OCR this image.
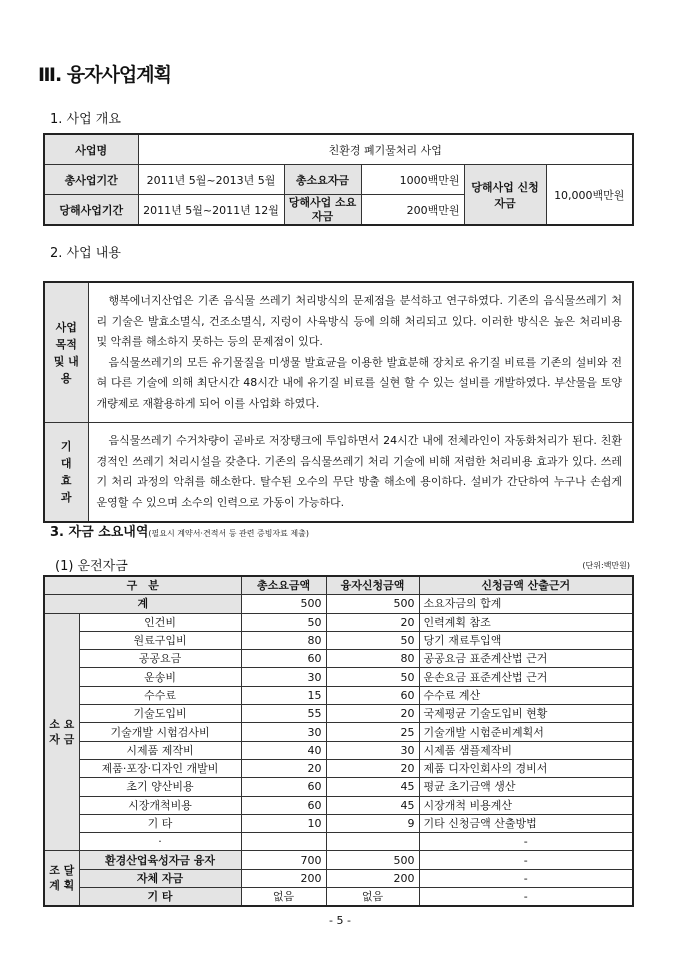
Ⅲ. 융자사업계획
1. 사업 개요
사업명	친환경 폐기물처리 사업				
총사업기간	2011년 5월~2013년 5월	총소요자금	1000백만원	당해사업 신청자금	10,000백만원
당해사업기간	2011년 5월~2011년 12월	당해사업 소요자금	200백만원		
2. 사업 내용
사업 목적 및 내용	행복에너지산업은 기존 음식물 쓰레기 처리방식의 문제점을 분석하고 연구하였다. 기존의 음식물쓰레기 처리 기술은 발효소멸식, 건조소멸식, 지렁이 사육방식 등에 의해 처리되고 있다. 이러한 방식은 높은 처리비용 및 악취를 해소하지 못하는 등의 문제점이 있다.

음식물쓰레기의 모든 유기물질을 미생물 발효균을 이용한 발효분해 장치로 유기질 비료를 기존의 설비와 전혀 다른 기술에 의해 최단시간 48시간 내에 유기질 비료를 실현 할 수 있는 설비를 개발하였다. 부산물을 토양개량제로 재활용하게 되어 이를 사업화 하였다.

기 대 효 과	음식물쓰레기 수거차량이 곧바로 저장탱크에 투입하면서 24시간 내에 전체라인이 자동화처리가 된다. 친환경적인 쓰레기 처리시설을 갖춘다. 기존의 음식물쓰레기 처리 기술에 비해 저렴한 처리비용 효과가 있다. 쓰레기 처리 과정의 악취를 해소한다. 탈수된 오수의 무단 방출 해소에 용이하다. 설비가 간단하여 누구나 손쉽게 운영할 수 있으며 소수의 인력으로 가동이 가능하다.

3. 자금 소요내역(필요시 계약서·견적서 등 관련 증빙자료 제출)
(1) 운전자금	(단위:백만원)
구　분		총소요금액	융자신청금액	신청금액 산출근거
계		500	500	소요자금의 합계
소 요 자 금	인건비	50	20	인력계획 참조
	원료구입비	80	50	당기 재료투입액
	공공요금	60	80	공공요금 표준계산법 근거
	운송비	30	50	운손요금 표준계산법 근거
	수수료	15	60	수수료 계산
	기술도입비	55	20	국제평균 기술도입비 현황
	기술개발 시험검사비	30	25	기술개발 시험준비계획서
	시제품 제작비	40	30	시제품 샘플제작비
	제품·포장·디자인 개발비	20	20	제품 디자인회사의 경비서
	초기 양산비용	60	45	평균 초기금액 생산
	시장개척비용	60	45	시장개척 비용계산
	기 타	10	9	기타 신청금액 산출방법
	·			-
조 달 계 획	환경산업육성자금 융자	700	500	-
	자체 자금	200	200	-
	기 타	없음	없음	-
- 5 -
